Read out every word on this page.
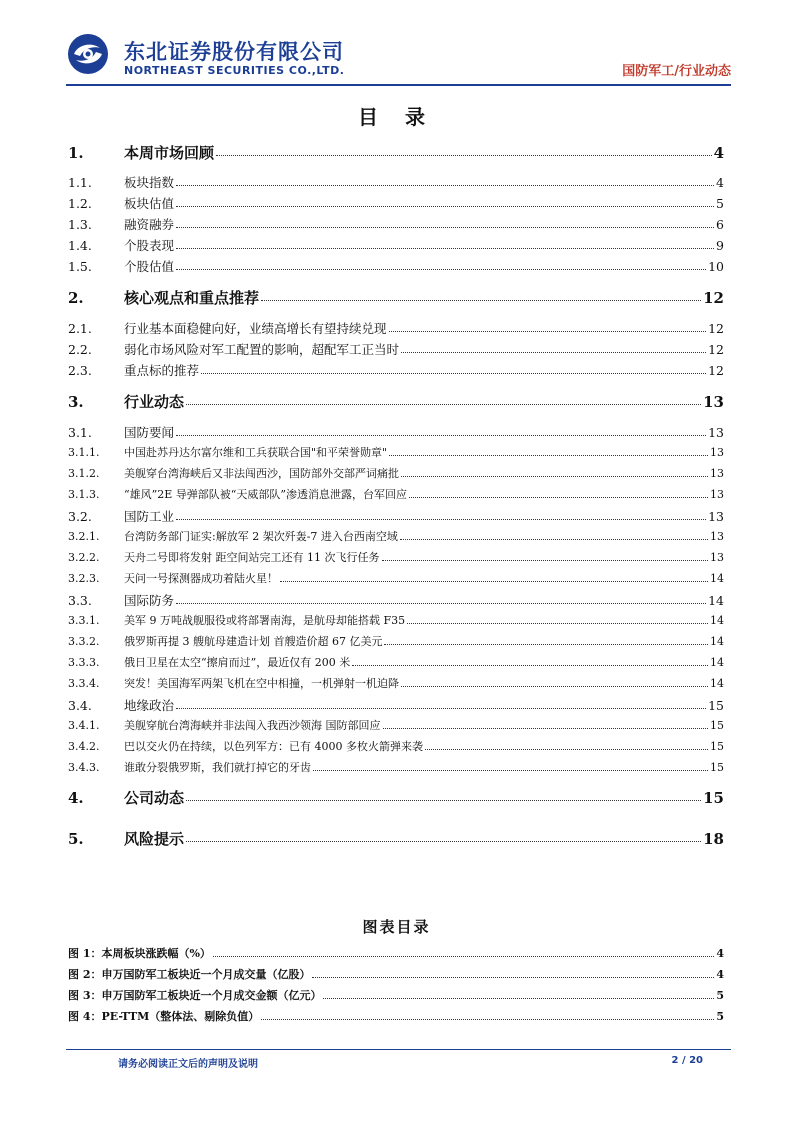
东北证券股份有限公司
NORTHEAST SECURITIES CO.,LTD.	国防军工/行业动态
目 录
1.	本周市场回顾	4
1.1.	板块指数	4
1.2.	板块估值	5
1.3.	融资融券	6
1.4.	个股表现	9
1.5.	个股估值	10
2.	核心观点和重点推荐	12
2.1.	行业基本面稳健向好，业绩高增长有望持续兑现	12
2.2.	弱化市场风险对军工配置的影响，超配军工正当时	12
2.3.	重点标的推荐	12
3.	行业动态	13
3.1.	国防要闻	13
3.1.1.	中国赴苏丹达尔富尔维和工兵获联合国"和平荣誉勋章"	13
3.1.2.	美舰穿台湾海峡后又非法闯西沙，国防部外交部严词痛批	13
3.1.3.	“雄风”2E 导弹部队被“天威部队”渗透消息泄露，台军回应	13
3.2.	国防工业	13
3.2.1.	台湾防务部门证实:解放军 2 架次歼轰-7 进入台西南空域	13
3.2.2.	天舟二号即将发射 距空间站完工还有 11 次飞行任务	13
3.2.3.	天问一号探测器成功着陆火星！	14
3.3.	国际防务	14
3.3.1.	美军 9 万吨战舰服役或将部署南海，是航母却能搭载 F35	14
3.3.2.	俄罗斯再提 3 艘航母建造计划 首艘造价超 67 亿美元	14
3.3.3.	俄日卫星在太空“擦肩而过”，最近仅有 200 米	14
3.3.4.	突发！美国海军两架飞机在空中相撞，一机弹射一机迫降	14
3.4.	地缘政治	15
3.4.1.	美舰穿航台湾海峡并非法闯入我西沙领海 国防部回应	15
3.4.2.	巴以交火仍在持续，以色列军方：已有 4000 多枚火箭弹来袭	15
3.4.3.	谁敢分裂俄罗斯，我们就打掉它的牙齿	15
4.	公司动态	15
5.	风险提示	18
图表目录
图 1：本周板块涨跌幅（%）	4
图 2：申万国防军工板块近一个月成交量（亿股）	4
图 3：申万国防军工板块近一个月成交金额（亿元）	5
图 4：PE-TTM（整体法、剔除负值）	5
请务必阅读正文后的声明及说明	2 / 20
